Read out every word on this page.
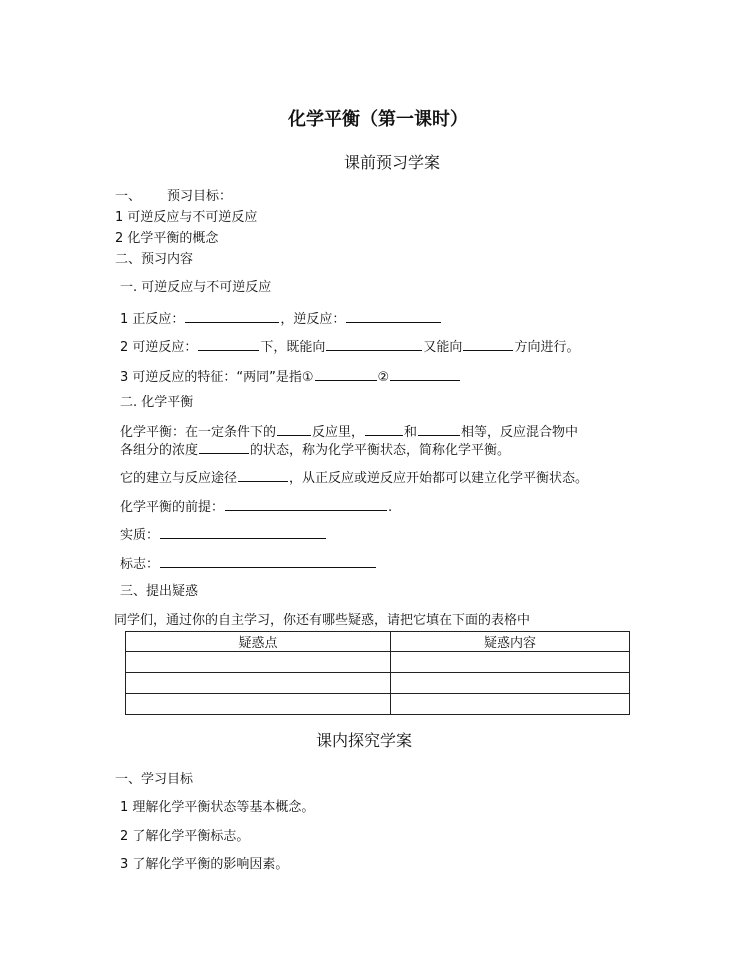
化学平衡（第一课时）
课前预习学案
一、 预习目标：
1 可逆反应与不可逆反应
2 化学平衡的概念
二、预习内容
一. 可逆反应与不可逆反应
1 正反应：	，逆反应：
2 可逆反应：	下，既能向	又能向	方向进行。
3 可逆反应的特征：“两同”是指①	②
二. 化学平衡
化学平衡：在一定条件下的	反应里，	和	相等，反应混合物中
各组分的浓度	的状态，称为化学平衡状态，简称化学平衡。
它的建立与反应途径	，从正反应或逆反应开始都可以建立化学平衡状态。
化学平衡的前提：	.
实质：
标志：
三、提出疑惑
同学们，通过你的自主学习，你还有哪些疑惑，请把它填在下面的表格中
疑惑点	疑惑内容

课内探究学案
一、学习目标
1 理解化学平衡状态等基本概念。
2 了解化学平衡标志。
3 了解化学平衡的影响因素。
